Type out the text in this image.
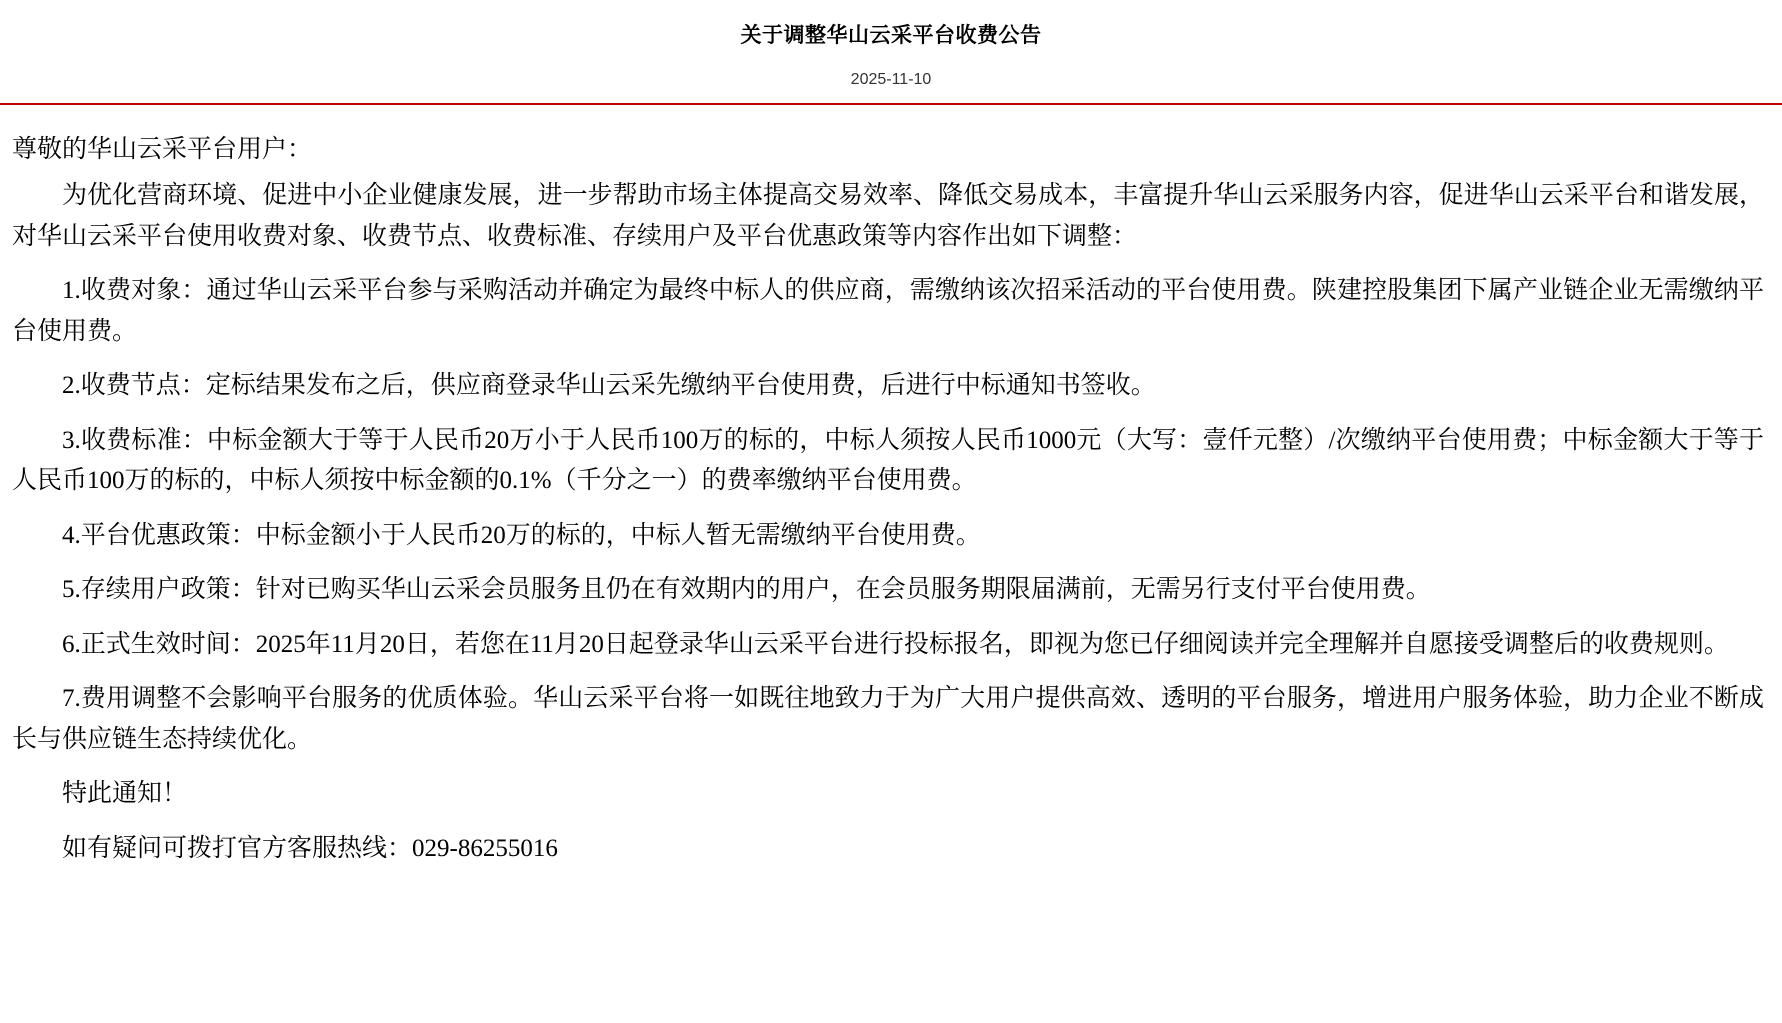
关于调整华山云采平台收费公告
2025-11-10

尊敬的华山云采平台用户：

为优化营商环境、促进中小企业健康发展，进一步帮助市场主体提高交易效率、降低交易成本，丰富提升华山云采服务内容，促进华山云采平台和谐发展，对华山云采平台使用收费对象、收费节点、收费标准、存续用户及平台优惠政策等内容作出如下调整：

1.收费对象：通过华山云采平台参与采购活动并确定为最终中标人的供应商，需缴纳该次招采活动的平台使用费。陕建控股集团下属产业链企业无需缴纳平台使用费。

2.收费节点：定标结果发布之后，供应商登录华山云采先缴纳平台使用费，后进行中标通知书签收。

3.收费标准：中标金额大于等于人民币20万小于人民币100万的标的，中标人须按人民币1000元（大写：壹仟元整）/次缴纳平台使用费；中标金额大于等于人民币100万的标的，中标人须按中标金额的0.1%（千分之一）的费率缴纳平台使用费。

4.平台优惠政策：中标金额小于人民币20万的标的，中标人暂无需缴纳平台使用费。

5.存续用户政策：针对已购买华山云采会员服务且仍在有效期内的用户，在会员服务期限届满前，无需另行支付平台使用费。

6.正式生效时间：2025年11月20日，若您在11月20日起登录华山云采平台进行投标报名，即视为您已仔细阅读并完全理解并自愿接受调整后的收费规则。

7.费用调整不会影响平台服务的优质体验。华山云采平台将一如既往地致力于为广大用户提供高效、透明的平台服务，增进用户服务体验，助力企业不断成长与供应链生态持续优化。

特此通知！

如有疑问可拨打官方客服热线：029-86255016
